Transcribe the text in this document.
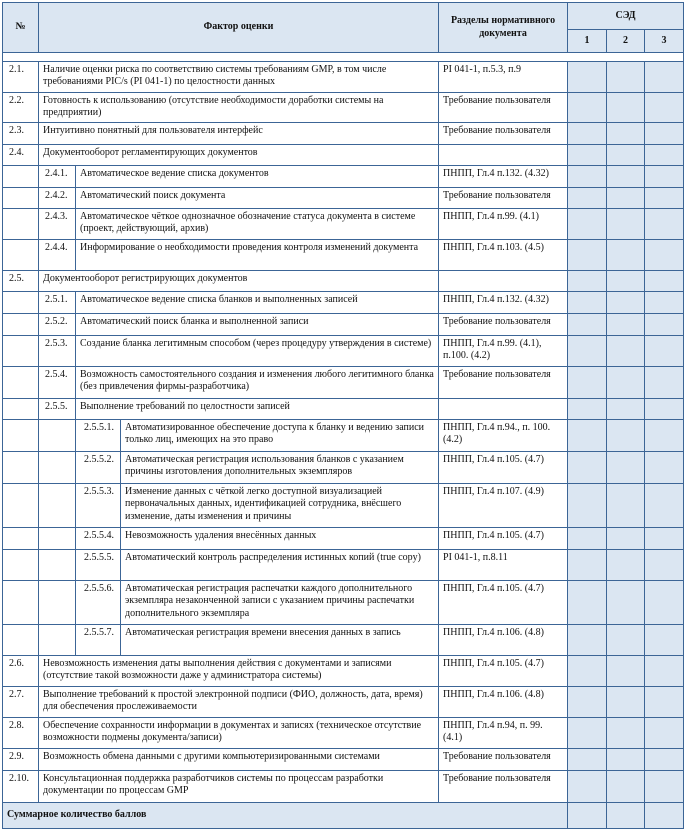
№	Фактор оценки			Разделы нормативного документа	СЭД		
					1	2	3

2.1.	Наличие оценки риска по соответствию системы требованиям GMP, в том числе требованиями PIC/s (PI 041-1) по целостности данных			PI 041-1, п.5.3, п.9			
2.2.	Готовность к использованию (отсутствие необходимости доработки системы на предприятии)			Требование пользователя			
2.3.	Интуитивно понятный для пользователя интерфейс			Требование пользователя			
2.4.	Документооборот регламентирующих документов						
	2.4.1.	Автоматическое ведение списка документов		ПНПП, Гл.4 п.132. (4.32)			
	2.4.2.	Автоматический поиск документа		Требование пользователя			
	2.4.3.	Автоматическое чёткое однозначное обозначение статуса документа в системе (проект, действующий, архив)		ПНПП, Гл.4 п.99. (4.1)			
	2.4.4.	Информирование о необходимости проведения контроля изменений документа		ПНПП, Гл.4 п.103. (4.5)			
2.5.	Документооборот регистрирующих документов						
	2.5.1.	Автоматическое ведение списка бланков и выполненных записей		ПНПП, Гл.4 п.132. (4.32)			
	2.5.2.	Автоматический поиск бланка и выполненной записи		Требование пользователя			
	2.5.3.	Создание бланка легитимным способом (через процедуру утверждения в системе)		ПНПП, Гл.4 п.99. (4.1), п.100. (4.2)			
	2.5.4.	Возможность самостоятельного создания и изменения любого легитимного бланка (без привлечения фирмы-разработчика)		Требование пользователя			
	2.5.5.	Выполнение требований по целостности записей					
		2.5.5.1.	Автоматизированное обеспечение доступа к бланку и ведению записи только лиц, имеющих на это право	ПНПП, Гл.4 п.94., п. 100. (4.2)			
		2.5.5.2.	Автоматическая регистрация использования бланков с указанием причины изготовления дополнительных экземпляров	ПНПП, Гл.4 п.105. (4.7)			
		2.5.5.3.	Изменение данных с чёткой легко доступной визуализацией первоначальных данных, идентификацией сотрудника, внёсшего изменение, даты изменения и причины	ПНПП, Гл.4 п.107. (4.9)			
		2.5.5.4.	Невозможность удаления внесённых данных	ПНПП, Гл.4 п.105. (4.7)			
		2.5.5.5.	Автоматический контроль распределения истинных копий (true copy)	PI 041-1, п.8.11			
		2.5.5.6.	Автоматическая регистрация распечатки каждого дополнительного экземпляра незаконченной записи с указанием причины распечатки дополнительного экземпляра	ПНПП, Гл.4 п.105. (4.7)			
		2.5.5.7.	Автоматическая регистрация времени внесения данных в запись	ПНПП, Гл.4 п.106. (4.8)			
2.6.	Невозможность изменения даты выполнения действия с документами и записями (отсутствие такой возможности даже у администратора системы)			ПНПП, Гл.4 п.105. (4.7)			
2.7.	Выполнение требований к простой электронной подписи (ФИО, должность, дата, время) для обеспечения прослеживаемости			ПНПП, Гл.4 п.106. (4.8)			
2.8.	Обеспечение сохранности информации в документах и записях (техническое отсутствие возможности подмены документа/записи)			ПНПП, Гл.4 п.94, п. 99. (4.1)			
2.9.	Возможность обмена данными с другими компьютеризированными системами			Требование пользователя			
2.10.	Консультационная поддержка разработчиков системы по процессам разработки документации по процессам GMP			Требование пользователя			
Суммарное количество баллов							
